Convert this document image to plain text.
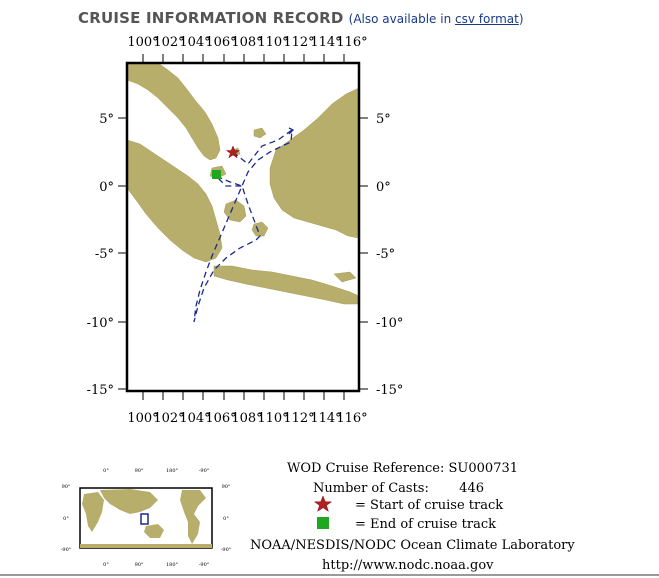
CRUISE INFORMATION RECORD (Also available in csv format)
100°
102°
104°
106°
108°
110°
112°
114°
116°
100°
102°
104°
106°
108°
110°
112°
114°
116°
5°
0°
-5°
-10°
-15°
5°
0°
-5°
-10°
-15°
0°	90°	180°	-90°
0°	90°	180°	-90°
90°
0°
-90°
90°
0°
-90°
WOD Cruise Reference: SU000731
Number of Casts: 446
= Start of cruise track
= End of cruise track
NOAA/NESDIS/NODC Ocean Climate Laboratory
http://www.nodc.noaa.gov
